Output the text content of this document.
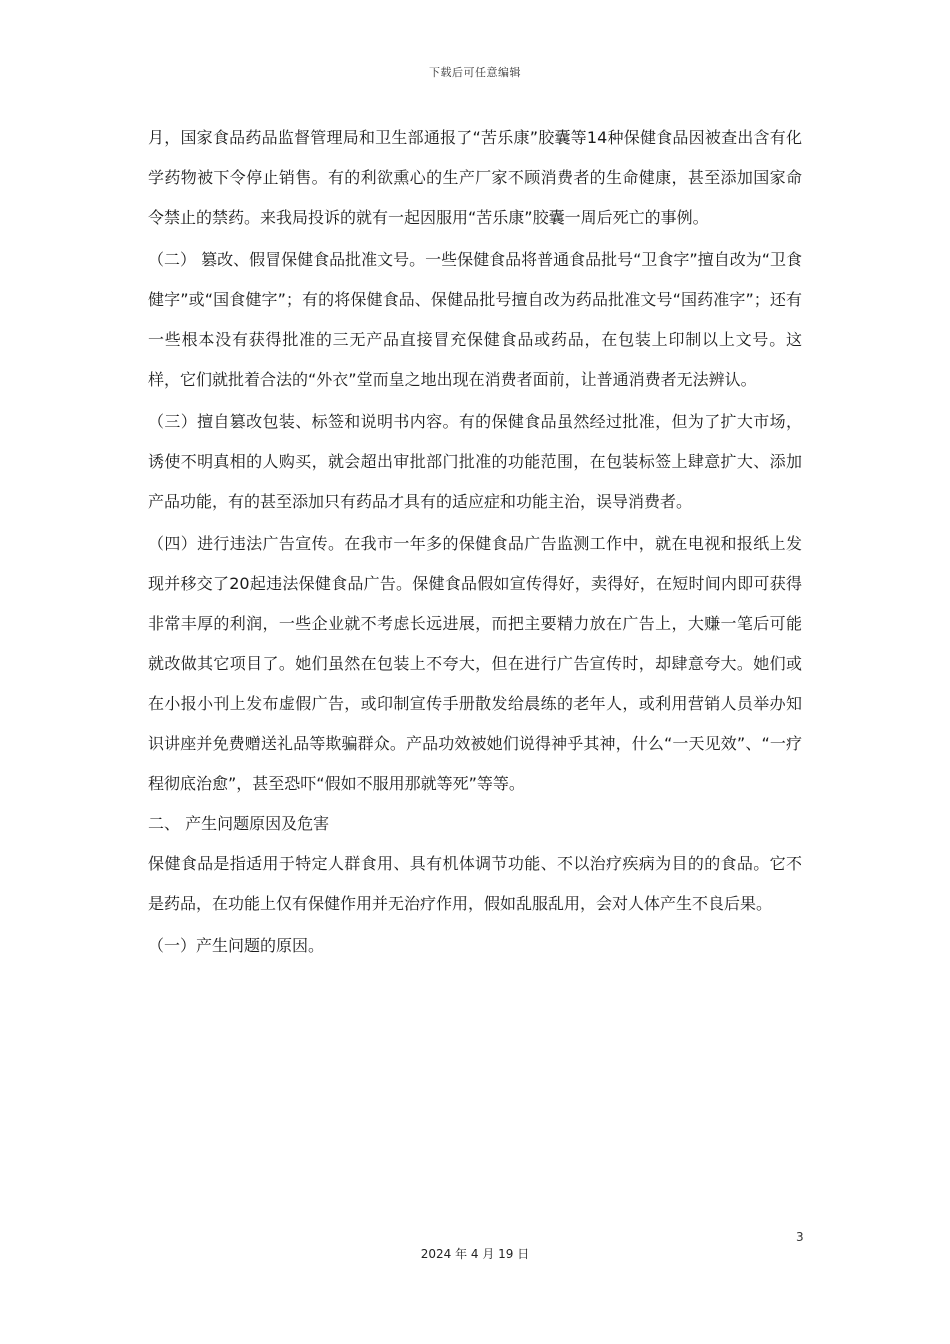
下载后可任意编辑

月，国家食品药品监督管理局和卫生部通报了“苦乐康”胶囊等14种保健食品因被查出含有化学药物被下令停止销售。有的利欲熏心的生产厂家不顾消费者的生命健康，甚至添加国家命令禁止的禁药。来我局投诉的就有一起因服用“苦乐康”胶囊一周后死亡的事例。

（二） 篡改、假冒保健食品批准文号。一些保健食品将普通食品批号“卫食字”擅自改为“卫食健字”或“国食健字”；有的将保健食品、保健品批号擅自改为药品批准文号“国药准字”；还有一些根本没有获得批准的三无产品直接冒充保健食品或药品，在包装上印制以上文号。这样，它们就批着合法的“外衣”堂而皇之地出现在消费者面前，让普通消费者无法辨认。

（三）擅自篡改包装、标签和说明书内容。有的保健食品虽然经过批准，但为了扩大市场，诱使不明真相的人购买，就会超出审批部门批准的功能范围，在包装标签上肆意扩大、添加产品功能，有的甚至添加只有药品才具有的适应症和功能主治，误导消费者。

（四）进行违法广告宣传。在我市一年多的保健食品广告监测工作中，就在电视和报纸上发现并移交了20起违法保健食品广告。保健食品假如宣传得好，卖得好，在短时间内即可获得非常丰厚的利润，一些企业就不考虑长远进展，而把主要精力放在广告上，大赚一笔后可能就改做其它项目了。她们虽然在包装上不夸大，但在进行广告宣传时，却肆意夸大。她们或在小报小刊上发布虚假广告，或印制宣传手册散发给晨练的老年人，或利用营销人员举办知识讲座并免费赠送礼品等欺骗群众。产品功效被她们说得神乎其神，什么“一天见效”、“一疗程彻底治愈”，甚至恐吓“假如不服用那就等死”等等。

二、 产生问题原因及危害

保健食品是指适用于特定人群食用、具有机体调节功能、不以治疗疾病为目的的食品。它不是药品，在功能上仅有保健作用并无治疗作用，假如乱服乱用，会对人体产生不良后果。

（一）产生问题的原因。

3
2024 年 4 月 19 日
